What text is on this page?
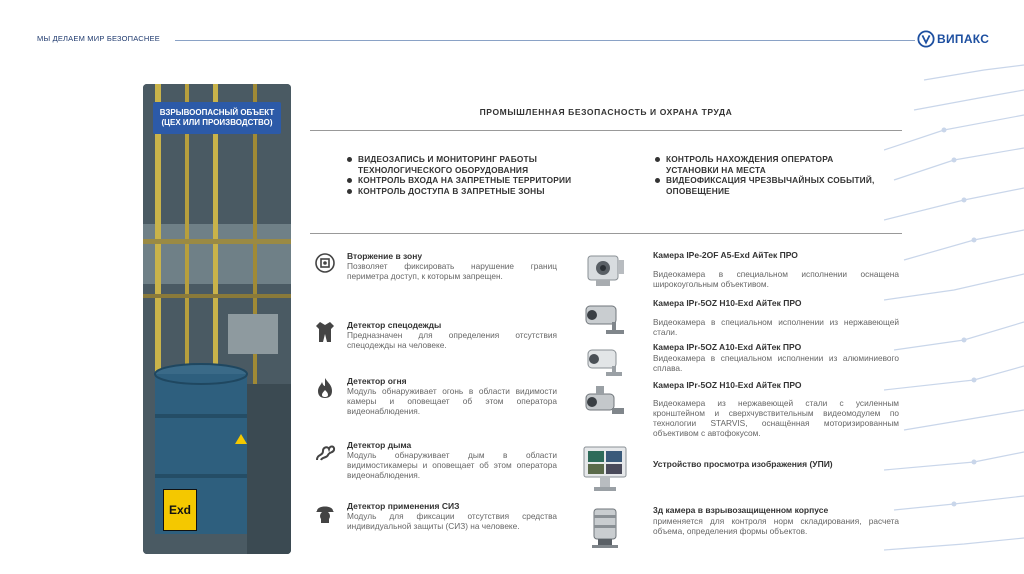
МЫ ДЕЛАЕМ МИР БЕЗОПАСНЕЕ	ВИПАКС
ВЗРЫВООПАСНЫЙ ОБЪЕКТ (ЦЕХ ИЛИ ПРОИЗВОДСТВО)
Exd
ПРОМЫШЛЕННАЯ БЕЗОПАСНОСТЬ И ОХРАНА ТРУДА
ВИДЕОЗАПИСЬ И МОНИТОРИНГ РАБОТЫ ТЕХНОЛОГИЧЕСКОГО ОБОРУДОВАНИЯ
КОНТРОЛЬ ВХОДА НА ЗАПРЕТНЫЕ ТЕРРИТОРИИ
КОНТРОЛЬ ДОСТУПА В ЗАПРЕТНЫЕ ЗОНЫ
КОНТРОЛЬ НАХОЖДЕНИЯ ОПЕРАТОРА УСТАНОВКИ НА МЕСТА
ВИДЕОФИКСАЦИЯ ЧРЕЗВЫЧАЙНЫХ СОБЫТИЙ, ОПОВЕЩЕНИЕ
Вторжение в зону
Позволяет фиксировать нарушение границ периметра доступ, к которым запрещен.
Детектор спецодежды
Предназначен для определения отсутствия спецодежды на человеке.
Детектор огня
Модуль обнаруживает огонь в области видимости камеры и оповещает об этом оператора видеонаблюдения.
Детектор дыма
Модуль обнаруживает дым в области видимостикамеры и оповещает об этом оператора видеонаблюдения.
Детектор применения СИЗ
Модуль для фиксации отсутствия средства индивидуальной защиты (СИЗ) на человеке.
Камера IPe-2OF A5-Exd АйТек ПРО
Видеокамера в специальном исполнении оснащена широкоугольным объективом.
Камера IPr-5OZ H10-Exd АйТек ПРО
Видеокамера в специальном исполнении из нержавеющей стали.
Камера IPr-5OZ A10-Exd АйТек ПРО
Видеокамера в специальном исполнении из алюминиевого сплава.
Камера IPr-5OZ H10-Exd АйТек ПРО
Видеокамера из нержавеющей стали с усиленным кронштейном и сверхчувствительным видеомодулем по технологии STARVIS, оснащённая моторизированным объективом с автофокусом.
Устройство просмотра изображения (УПИ)
3д камера в взрывозащищенном корпусе
применяется для контроля норм складирования, расчета объема, определения формы объектов.
